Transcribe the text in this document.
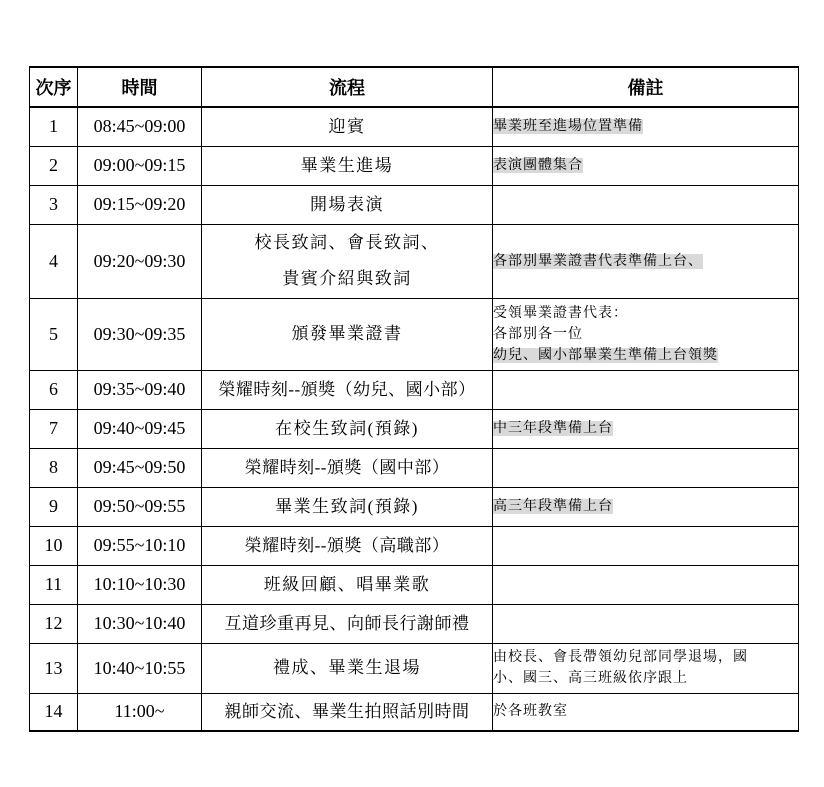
次序	時間	流程	備註
1	08:45~09:00	迎賓	畢業班至進場位置準備

2	09:00~09:15	畢業生進場	表演團體集合

3	09:15~09:20	開場表演	

4	09:20~09:30	校長致詞、會長致詞、
貴賓介紹與致詞	各部別畢業證書代表準備上台、

5	09:30~09:35	頒發畢業證書	受領畢業證書代表：
各部別各一位
幼兒、國小部畢業生準備上台領獎

6	09:35~09:40	榮耀時刻--頒獎（幼兒、國小部）	

7	09:40~09:45	在校生致詞(預錄)	中三年段準備上台

8	09:45~09:50	榮耀時刻--頒獎（國中部）	

9	09:50~09:55	畢業生致詞(預錄)	高三年段準備上台

10	09:55~10:10	榮耀時刻--頒獎（高職部）	

11	10:10~10:30	班級回顧、唱畢業歌	

12	10:30~10:40	互道珍重再見、向師長行謝師禮	

13	10:40~10:55	禮成、畢業生退場	由校長、會長帶領幼兒部同學退場，國
小、國三、高三班級依序跟上

14	11:00~	親師交流、畢業生拍照話別時間	於各班教室
